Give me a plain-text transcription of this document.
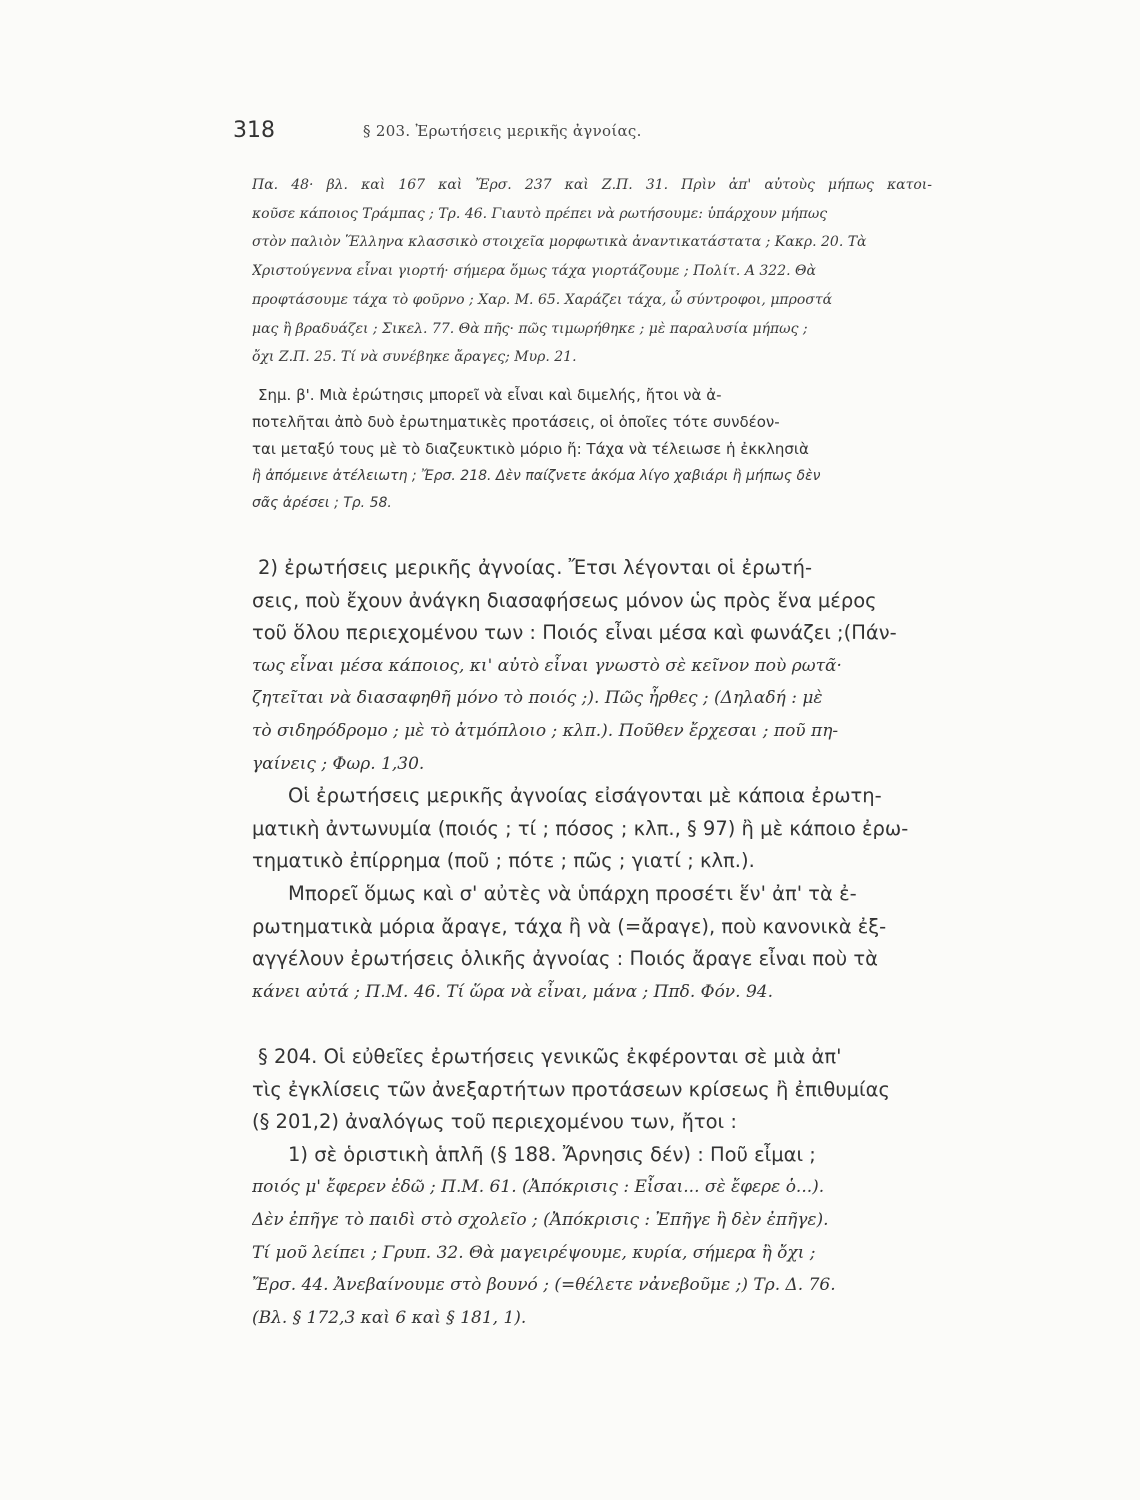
318	§ 203. Ἐρωτήσεις μερικῆς ἀγνοίας.
Πα. 48· βλ. καὶ 167 καὶ Ἔρσ. 237 καὶ Ζ.Π. 31. Πρὶν ἀπ' αὐτοὺς μήπως κατοι-
κοῦσε κάποιος Τράμπας ; Τρ. 46. Γιαυτὸ πρέπει νὰ ρωτήσουμε: ὑπάρχουν μήπως
στὸν παλιὸν Ἕλληνα κλασσικὸ στοιχεῖα μορφωτικὰ ἀναντικατάστατα ; Κακρ. 20. Τὰ
Χριστούγεννα εἶναι γιορτή· σήμερα ὅμως τάχα γιορτάζουμε ; Πολίτ. Α 322. Θὰ
προφτάσουμε τάχα τὸ φοῦρνο ; Χαρ. Μ. 65. Χαράζει τάχα, ὦ σύντροφοι, μπροστά
μας ἢ βραδυάζει ; Σικελ. 77. Θὰ πῆς· πῶς τιμωρήθηκε ; μὲ παραλυσία μήπως ;
ὄχι Ζ.Π. 25. Τί νὰ συνέβηκε ἄραγες; Μυρ. 21.
Σημ. β'. Μιὰ ἐρώτησις μπορεῖ νὰ εἶναι καὶ διμελής, ἤτοι νὰ ἀ-
ποτελῆται ἀπὸ δυὸ ἐρωτηματικὲς προτάσεις, οἱ ὁποῖες τότε συνδέον-
ται μεταξύ τους μὲ τὸ διαζευκτικὸ μόριο ἤ: Τάχα νὰ τέλειωσε ἡ ἐκκλησιὰ
ἢ ἀπόμεινε ἀτέλειωτη ; Ἔρσ. 218. Δὲν παίζνετε ἀκόμα λίγο χαβιάρι ἢ μήπως δὲν
σᾶς ἀρέσει ; Τρ. 58.
2) ἐρωτήσεις μερικῆς ἀγνοίας. Ἔτσι λέγονται οἱ ἐρωτή-
σεις, ποὺ ἔχουν ἀνάγκη διασαφήσεως μόνον ὡς πρὸς ἕνα μέρος
τοῦ ὅλου περιεχομένου των : Ποιός εἶναι μέσα καὶ φωνάζει ;(Πάν-
τως εἶναι μέσα κάποιος, κι' αὐτὸ εἶναι γνωστὸ σὲ κεῖνον ποὺ ρωτᾶ·
ζητεῖται νὰ διασαφηθῆ μόνο τὸ ποιός ;). Πῶς ἦρθες ; (Δηλαδή : μὲ
τὸ σιδηρόδρομο ; μὲ τὸ ἀτμόπλοιο ; κλπ.). Ποῦθεν ἔρχεσαι ; ποῦ πη-
γαίνεις ; Φωρ. 1,30.
Οἱ ἐρωτήσεις μερικῆς ἀγνοίας εἰσάγονται μὲ κάποια ἐρωτη-
ματικὴ ἀντωνυμία (ποιός ; τί ; πόσος ; κλπ., § 97) ἢ μὲ κάποιο ἐρω-
τηματικὸ ἐπίρρημα (ποῦ ; πότε ; πῶς ; γιατί ; κλπ.).
Μπορεῖ ὅμως καὶ σ' αὐτὲς νὰ ὑπάρχη προσέτι ἕν' ἀπ' τὰ ἐ-
ρωτηματικὰ μόρια ἄραγε, τάχα ἢ νὰ (=ἄραγε), ποὺ κανονικὰ ἐξ-
αγγέλουν ἐρωτήσεις ὁλικῆς ἀγνοίας : Ποιός ἄραγε εἶναι ποὺ τὰ
κάνει αὐτά ; Π.Μ. 46. Τί ὥρα νὰ εἶναι, μάνα ; Ππδ. Φόν. 94.
§ 204. Οἱ εὐθεῖες ἐρωτήσεις γενικῶς ἐκφέρονται σὲ μιὰ ἀπ'
τὶς ἐγκλίσεις τῶν ἀνεξαρτήτων προτάσεων κρίσεως ἢ ἐπιθυμίας
(§ 201,2) ἀναλόγως τοῦ περιεχομένου των, ἤτοι :
1) σὲ ὁριστικὴ ἁπλῆ (§ 188. Ἄρνησις δέν) : Ποῦ εἶμαι ;
ποιός μ' ἔφερεν ἐδῶ ; Π.Μ. 61. (Ἀπόκρισις : Εἶσαι... σὲ ἔφερε ὁ...).
Δὲν ἐπῆγε τὸ παιδὶ στὸ σχολεῖο ; (Ἀπόκρισις : Ἐπῆγε ἢ δὲν ἐπῆγε).
Τί μοῦ λείπει ; Γρυπ. 32. Θὰ μαγειρέψουμε, κυρία, σήμερα ἢ ὄχι ;
Ἔρσ. 44. Ἀνεβαίνουμε στὸ βουνό ; (=θέλετε νἀνεβοῦμε ;) Τρ. Δ. 76.
(Βλ. § 172,3 καὶ 6 καὶ § 181, 1).
